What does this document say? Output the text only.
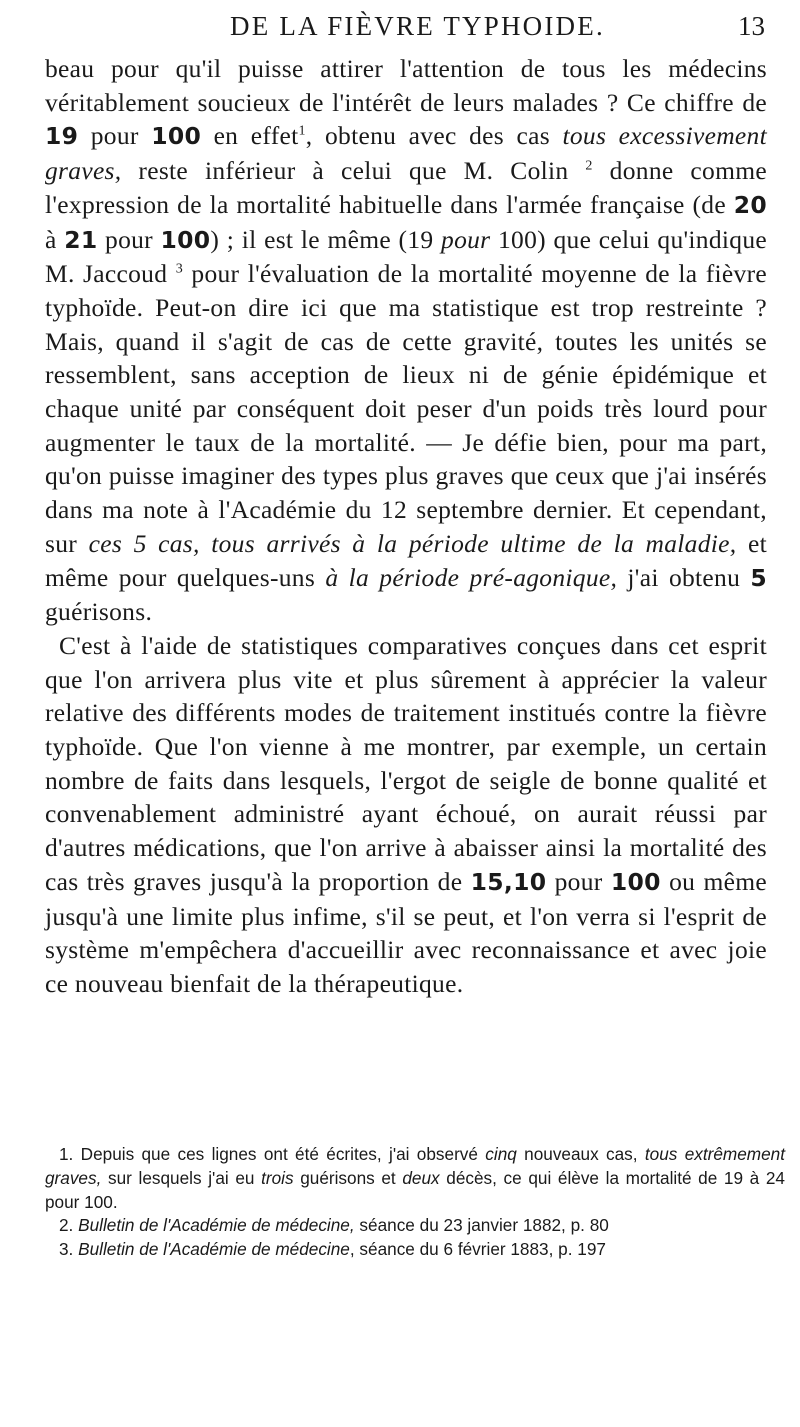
DE LA FIÈVRE TYPHOIDE.	13

beau pour qu'il puisse attirer l'attention de tous les médecins véritablement soucieux de l'intérêt de leurs malades ? Ce chiffre de 19 pour 100 en effet$^1$, obtenu avec des cas tous excessivement graves, reste inférieur à celui que M. Colin $^2$ donne comme l'expression de la mortalité habituelle dans l'armée française (de 20 à 21 pour 100) ; il est le même (19 pour 100) que celui qu'indique M. Jaccoud $^3$ pour l'évaluation de la mortalité moyenne de la fièvre typhoïde. Peut-on dire ici que ma statistique est trop restreinte ? Mais, quand il s'agit de cas de cette gravité, toutes les unités se ressemblent, sans acception de lieux ni de génie épidémique et chaque unité par conséquent doit peser d'un poids très lourd pour augmenter le taux de la mortalité. — Je défie bien, pour ma part, qu'on puisse imaginer des types plus graves que ceux que j'ai insérés dans ma note à l'Académie du 12 septembre dernier. Et cependant, sur ces 5 cas, tous arrivés à la période ultime de la maladie, et même pour quelques-uns à la période pré-agonique, j'ai obtenu 5 guérisons.

C'est à l'aide de statistiques comparatives conçues dans cet esprit que l'on arrivera plus vite et plus sûrement à apprécier la valeur relative des différents modes de traitement institués contre la fièvre typhoïde. Que l'on vienne à me montrer, par exemple, un certain nombre de faits dans lesquels, l'ergot de seigle de bonne qualité et convenablement administré ayant échoué, on aurait réussi par d'autres médications, que l'on arrive à abaisser ainsi la mortalité des cas très graves jusqu'à la proportion de 15,10 pour 100 ou même jusqu'à une limite plus infime, s'il se peut, et l'on verra si l'esprit de système m'empêchera d'accueillir avec reconnaissance et avec joie ce nouveau bienfait de la thérapeutique.

1. Depuis que ces lignes ont été écrites, j'ai observé cinq nouveaux cas, tous extrêmement graves, sur lesquels j'ai eu trois guérisons et deux décès, ce qui élève la mortalité de 19 à 24 pour 100.

2. Bulletin de l'Académie de médecine, séance du 23 janvier 1882, p. 80

3. Bulletin de l'Académie de médecine, séance du 6 février 1883, p. 197
